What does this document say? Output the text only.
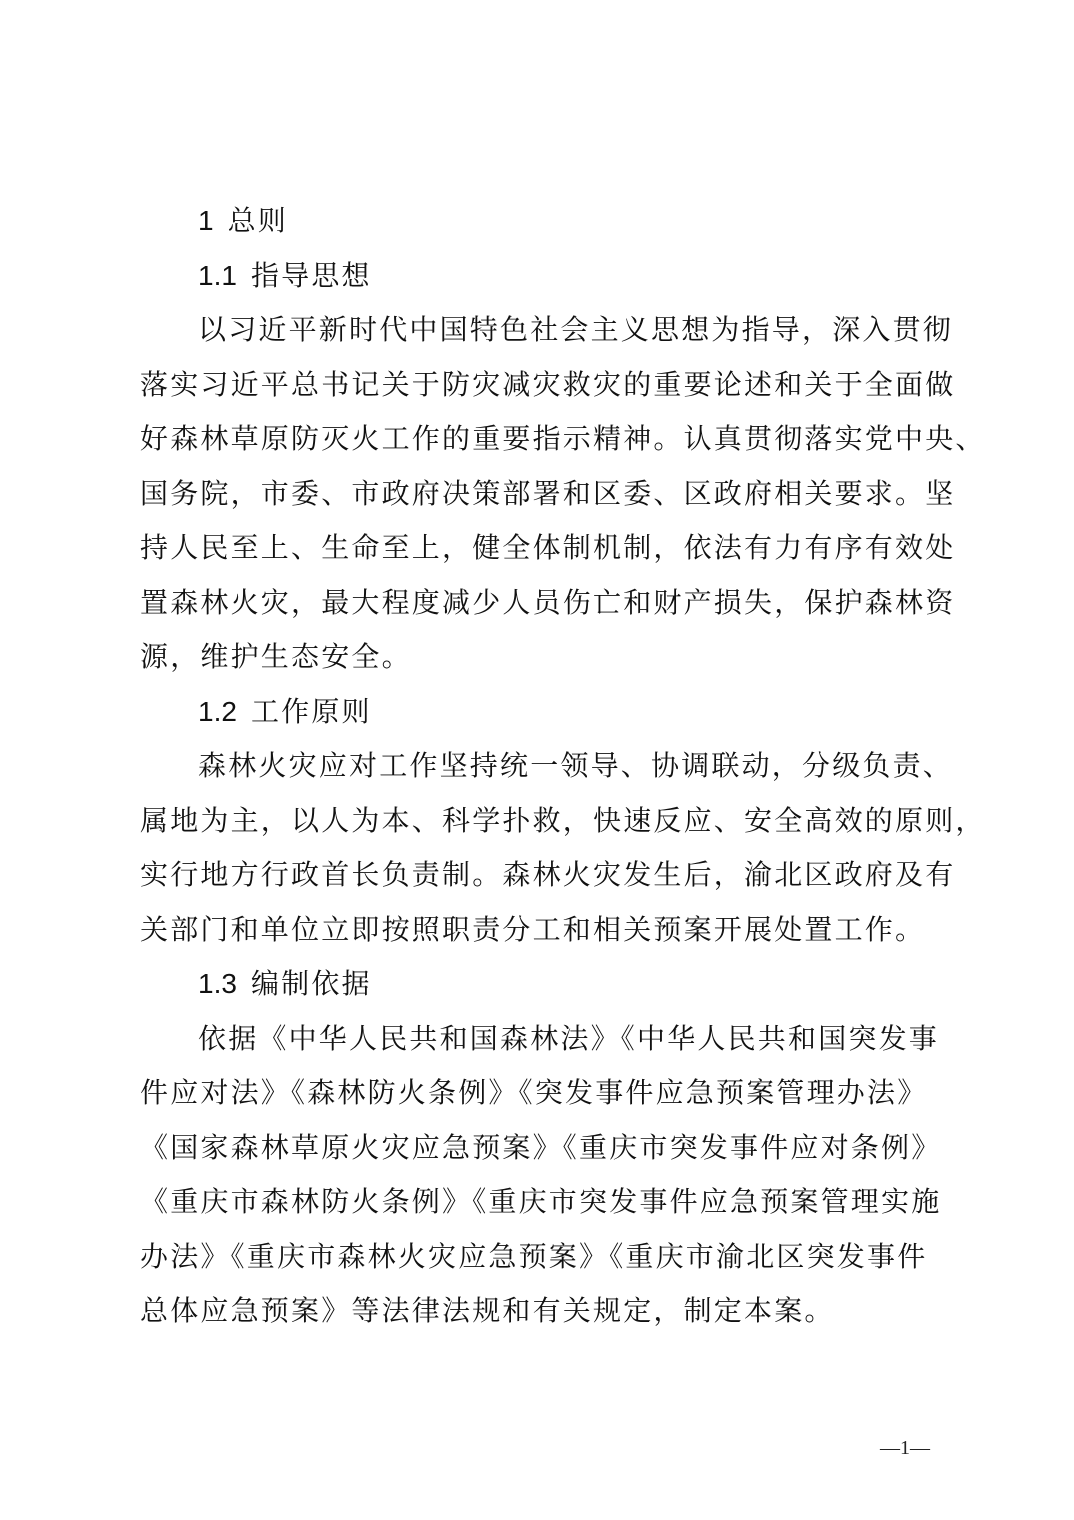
1 总则
1.1 指导思想

以习近平新时代中国特色社会主义思想为指导，深入贯彻
落实习近平总书记关于防灾减灾救灾的重要论述和关于全面做
好森林草原防灭火工作的重要指示精神。认真贯彻落实党中央、
国务院，市委、市政府决策部署和区委、区政府相关要求。坚
持人民至上、生命至上，健全体制机制，依法有力有序有效处
置森林火灾，最大程度减少人员伤亡和财产损失，保护森林资
源，维护生态安全。

1.2 工作原则

森林火灾应对工作坚持统一领导、协调联动，分级负责、
属地为主，以人为本、科学扑救，快速反应、安全高效的原则，
实行地方行政首长负责制。森林火灾发生后，渝北区政府及有
关部门和单位立即按照职责分工和相关预案开展处置工作。

1.3 编制依据

依据《中华人民共和国森林法》《中华人民共和国突发事
件应对法》《森林防火条例》《突发事件应急预案管理办法》
《国家森林草原火灾应急预案》《重庆市突发事件应对条例》
《重庆市森林防火条例》《重庆市突发事件应急预案管理实施
办法》《重庆市森林火灾应急预案》《重庆市渝北区突发事件
总体应急预案》等法律法规和有关规定，制定本案。

—1—
